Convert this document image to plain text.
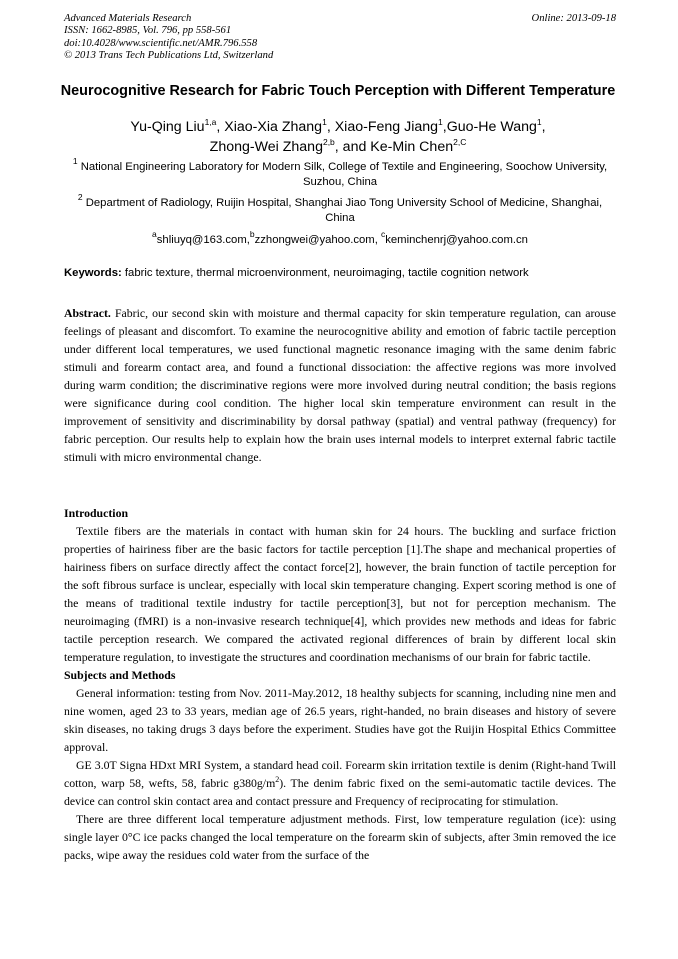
Advanced Materials Research
ISSN: 1662-8985, Vol. 796, pp 558-561
doi:10.4028/www.scientific.net/AMR.796.558
© 2013 Trans Tech Publications Ltd, Switzerland
Online: 2013-09-18
Neurocognitive Research for Fabric Touch Perception with Different Temperature
Yu-Qing Liu$^{1,a}$, Xiao-Xia Zhang$^1$, Xiao-Feng Jiang$^1$,Guo-He Wang$^1$,
Zhong-Wei Zhang$^{2,b}$, and Ke-Min Chen$^{2,C}$
$^1$ National Engineering Laboratory for Modern Silk, College of Textile and Engineering, Soochow University, Suzhou, China
$^2$ Department of Radiology, Ruijin Hospital, Shanghai Jiao Tong University School of Medicine, Shanghai, China
$^a$shliuyq@163.com,$^b$zzhongwei@yahoo.com, $^c$keminchenrj@yahoo.com.cn
Keywords: fabric texture, thermal microenvironment, neuroimaging, tactile cognition network

Abstract. Fabric, our second skin with moisture and thermal capacity for skin temperature regulation, can arouse feelings of pleasant and discomfort. To examine the neurocognitive ability and emotion of fabric tactile perception under different local temperatures, we used functional magnetic resonance imaging with the same denim fabric stimuli and forearm contact area, and found a functional dissociation: the affective regions was more involved during warm condition; the discriminative regions were more involved during neutral condition; the basis regions were significance during cool condition. The higher local skin temperature environment can result in the improvement of sensitivity and discriminability by dorsal pathway (spatial) and ventral pathway (frequency) for fabric perception. Our results help to explain how the brain uses internal models to interpret external fabric tactile stimuli with micro environmental change.

Introduction

Textile fibers are the materials in contact with human skin for 24 hours. The buckling and surface friction properties of hairiness fiber are the basic factors for tactile perception [1].The shape and mechanical properties of hairiness fibers on surface directly affect the contact force[2], however, the brain function of tactile perception for the soft fibrous surface is unclear, especially with local skin temperature changing. Expert scoring method is one of the means of traditional textile industry for tactile perception[3], but not for perception mechanism. The neuroimaging (fMRI) is a non-invasive research technique[4], which provides new methods and ideas for fabric tactile perception research. We compared the activated regional differences of brain by different local skin temperature regulation, to investigate the structures and coordination mechanisms of our brain for fabric tactile.

Subjects and Methods

General information: testing from Nov. 2011-May.2012, 18 healthy subjects for scanning, including nine men and nine women, aged 23 to 33 years, median age of 26.5 years, right-handed, no brain diseases and history of severe skin diseases, no taking drugs 3 days before the experiment. Studies have got the Ruijin Hospital Ethics Committee approval.

GE 3.0T Signa HDxt MRI System, a standard head coil. Forearm skin irritation textile is denim (Right-hand Twill cotton, warp 58, wefts, 58, fabric $g380g/m^2$). The denim fabric fixed on the semi-automatic tactile devices. The device can control skin contact area and contact pressure and Frequency of reciprocating for stimulation.

There are three different local temperature adjustment methods. First, low temperature regulation (ice): using single layer 0°C ice packs changed the local temperature on the forearm skin of subjects, after 3min removed the ice packs, wipe away the residues cold water from the surface of the
